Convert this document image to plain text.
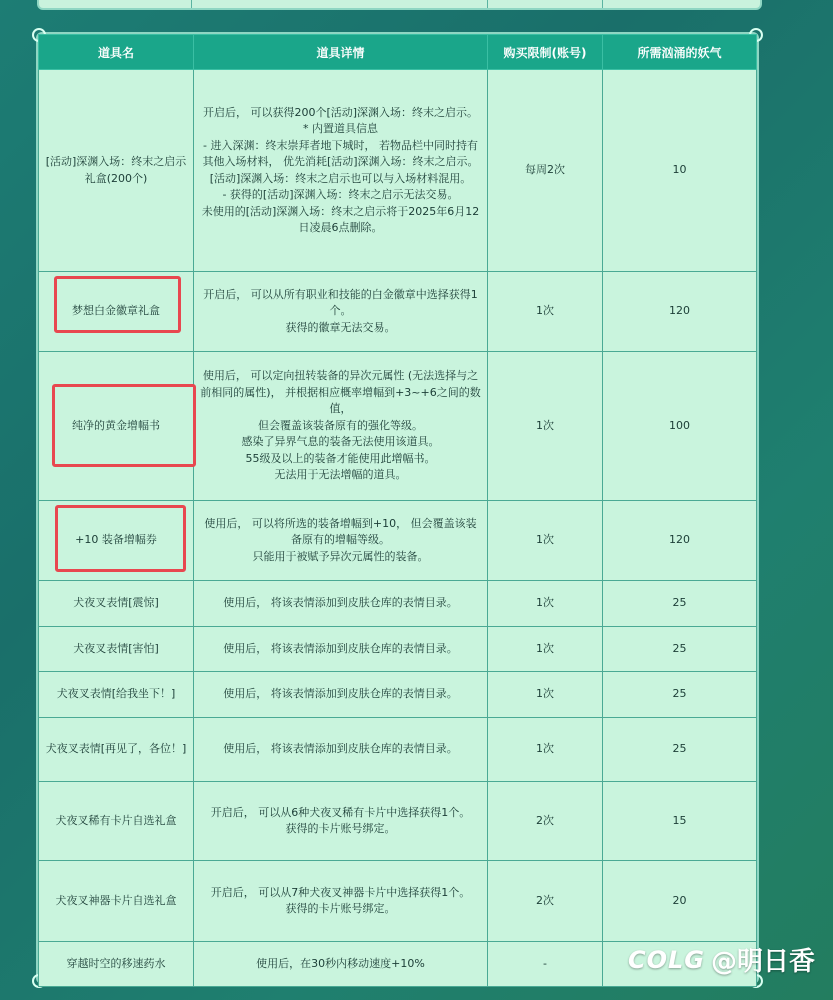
道具名	道具详情	购买限制(账号)	所需汹涌的妖气
[活动]深渊入场：终末之启示礼盒(200个)	开启后， 可以获得200个[活动]深渊入场：终末之启示。
* 内置道具信息
- 进入深渊：终末崇拜者地下城时， 若物品栏中同时持有其他入场材料， 优先消耗[活动]深渊入场：终末之启示。 [活动]深渊入场：终末之启示也可以与入场材料混用。
- 获得的[活动]深渊入场：终末之启示无法交易。
未使用的[活动]深渊入场：终末之启示将于2025年6月12日凌晨6点删除。	每周2次	10
梦想白金徽章礼盒	开启后， 可以从所有职业和技能的白金徽章中选择获得1个。
获得的徽章无法交易。	1次	120
纯净的黄金增幅书	使用后， 可以定向扭转装备的异次元属性 (无法选择与之前相同的属性)， 并根据相应概率增幅到+3~+6之间的数值，
但会覆盖该装备原有的强化等级。
感染了异界气息的装备无法使用该道具。
55级及以上的装备才能使用此增幅书。
无法用于无法增幅的道具。	1次	100
+10 装备增幅券	使用后， 可以将所选的装备增幅到+10， 但会覆盖该装备原有的增幅等级。
只能用于被赋予异次元属性的装备。	1次	120
犬夜叉表情[震惊]	使用后， 将该表情添加到皮肤仓库的表情目录。	1次	25
犬夜叉表情[害怕]	使用后， 将该表情添加到皮肤仓库的表情目录。	1次	25
犬夜叉表情[给我坐下！]	使用后， 将该表情添加到皮肤仓库的表情目录。	1次	25
犬夜叉表情[再见了，各位！]	使用后， 将该表情添加到皮肤仓库的表情目录。	1次	25
犬夜叉稀有卡片自选礼盒	开启后， 可以从6种犬夜叉稀有卡片中选择获得1个。
获得的卡片账号绑定。	2次	15
犬夜叉神器卡片自选礼盒	开启后， 可以从7种犬夜叉神器卡片中选择获得1个。
获得的卡片账号绑定。	2次	20
穿越时空的移速药水	使用后，在30秒内移动速度+10%	-		COLG @明日香
